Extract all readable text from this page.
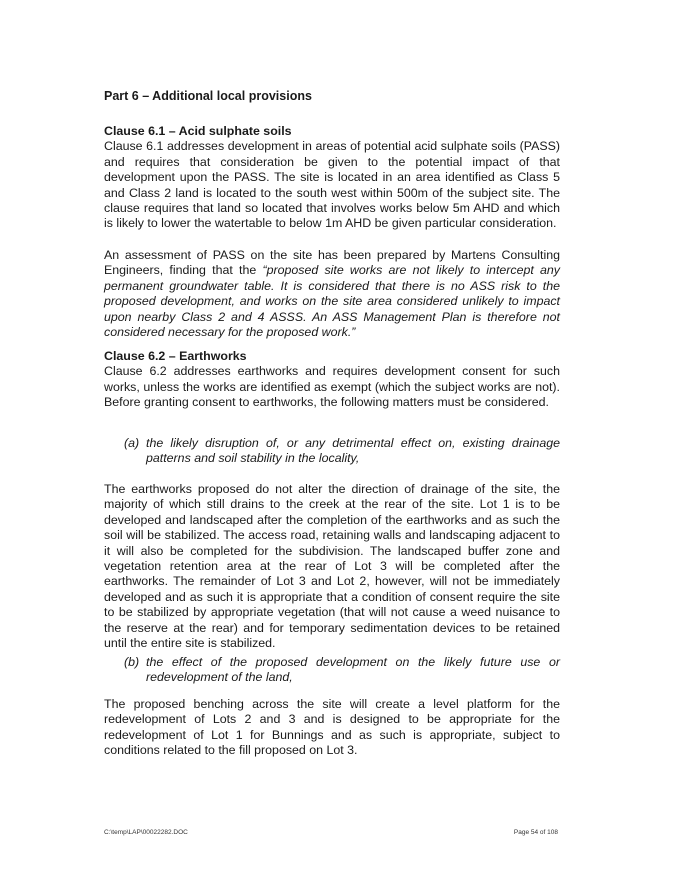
Part 6 – Additional local provisions
Clause 6.1 – Acid sulphate soils
Clause 6.1 addresses development in areas of potential acid sulphate soils (PASS) and requires that consideration be given to the potential impact of that development upon the PASS. The site is located in an area identified as Class 5 and Class 2 land is located to the south west within 500m of the subject site. The clause requires that land so located that involves works below 5m AHD and which is likely to lower the watertable to below 1m AHD be given particular consideration.

An assessment of PASS on the site has been prepared by Martens Consulting Engineers, finding that the “proposed site works are not likely to intercept any permanent groundwater table. It is considered that there is no ASS risk to the proposed development, and works on the site area considered unlikely to impact upon nearby Class 2 and 4 ASSS. An ASS Management Plan is therefore not considered necessary for the proposed work.”

Clause 6.2 – Earthworks
Clause 6.2 addresses earthworks and requires development consent for such works, unless the works are identified as exempt (which the subject works are not). Before granting consent to earthworks, the following matters must be considered.

(a) the likely disruption of, or any detrimental effect on, existing drainage patterns and soil stability in the locality,

The earthworks proposed do not alter the direction of drainage of the site, the majority of which still drains to the creek at the rear of the site. Lot 1 is to be developed and landscaped after the completion of the earthworks and as such the soil will be stabilized. The access road, retaining walls and landscaping adjacent to it will also be completed for the subdivision. The landscaped buffer zone and vegetation retention area at the rear of Lot 3 will be completed after the earthworks. The remainder of Lot 3 and Lot 2, however, will not be immediately developed and as such it is appropriate that a condition of consent require the site to be stabilized by appropriate vegetation (that will not cause a weed nuisance to the reserve at the rear) and for temporary sedimentation devices to be retained until the entire site is stabilized.

(b) the effect of the proposed development on the likely future use or redevelopment of the land,

The proposed benching across the site will create a level platform for the redevelopment of Lots 2 and 3 and is designed to be appropriate for the redevelopment of Lot 1 for Bunnings and as such is appropriate, subject to conditions related to the fill proposed on Lot 3.

C:\temp\LAP\00022282.DOC	Page 54 of 108
